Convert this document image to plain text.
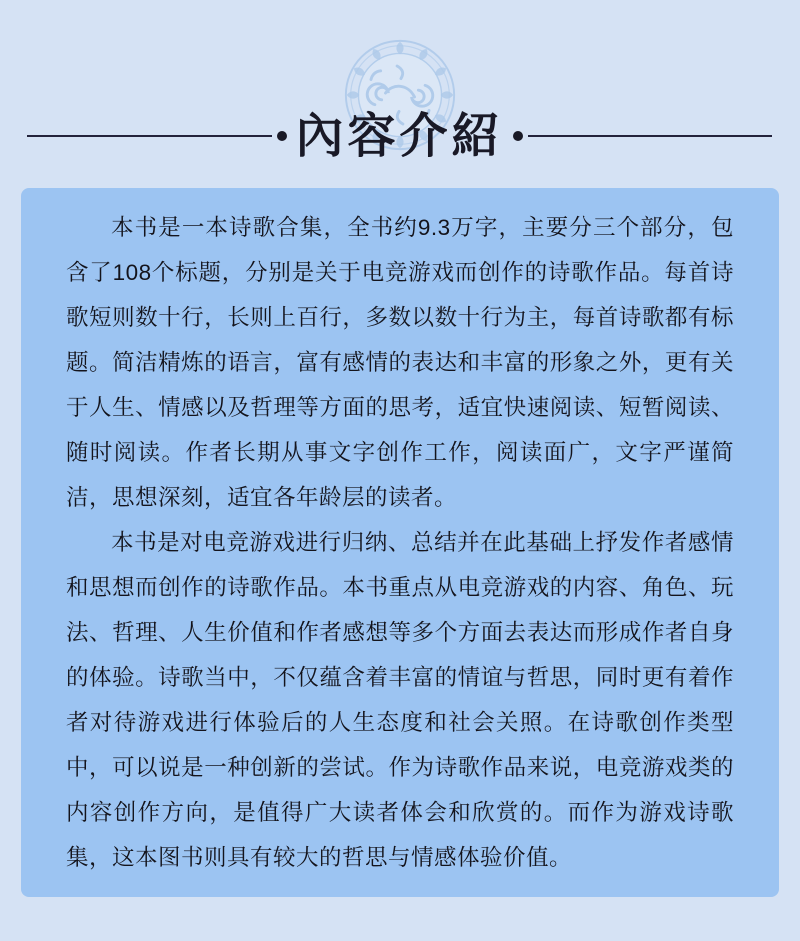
內容介紹

本书是一本诗歌合集，全书约9.3万字，主要分三个部分，包含了108个标题，分别是关于电竞游戏而创作的诗歌作品。每首诗歌短则数十行，长则上百行，多数以数十行为主，每首诗歌都有标题。简洁精炼的语言，富有感情的表达和丰富的形象之外，更有关于人生、情感以及哲理等方面的思考，适宜快速阅读、短暂阅读、随时阅读。作者长期从事文字创作工作，阅读面广，文字严谨简洁，思想深刻，适宜各年龄层的读者。

本书是对电竞游戏进行归纳、总结并在此基础上抒发作者感情和思想而创作的诗歌作品。本书重点从电竞游戏的内容、角色、玩法、哲理、人生价值和作者感想等多个方面去表达而形成作者自身的体验。诗歌当中，不仅蕴含着丰富的情谊与哲思，同时更有着作者对待游戏进行体验后的人生态度和社会关照。在诗歌创作类型中，可以说是一种创新的尝试。作为诗歌作品来说，电竞游戏类的内容创作方向，是值得广大读者体会和欣赏的。而作为游戏诗歌集，这本图书则具有较大的哲思与情感体验价值。
